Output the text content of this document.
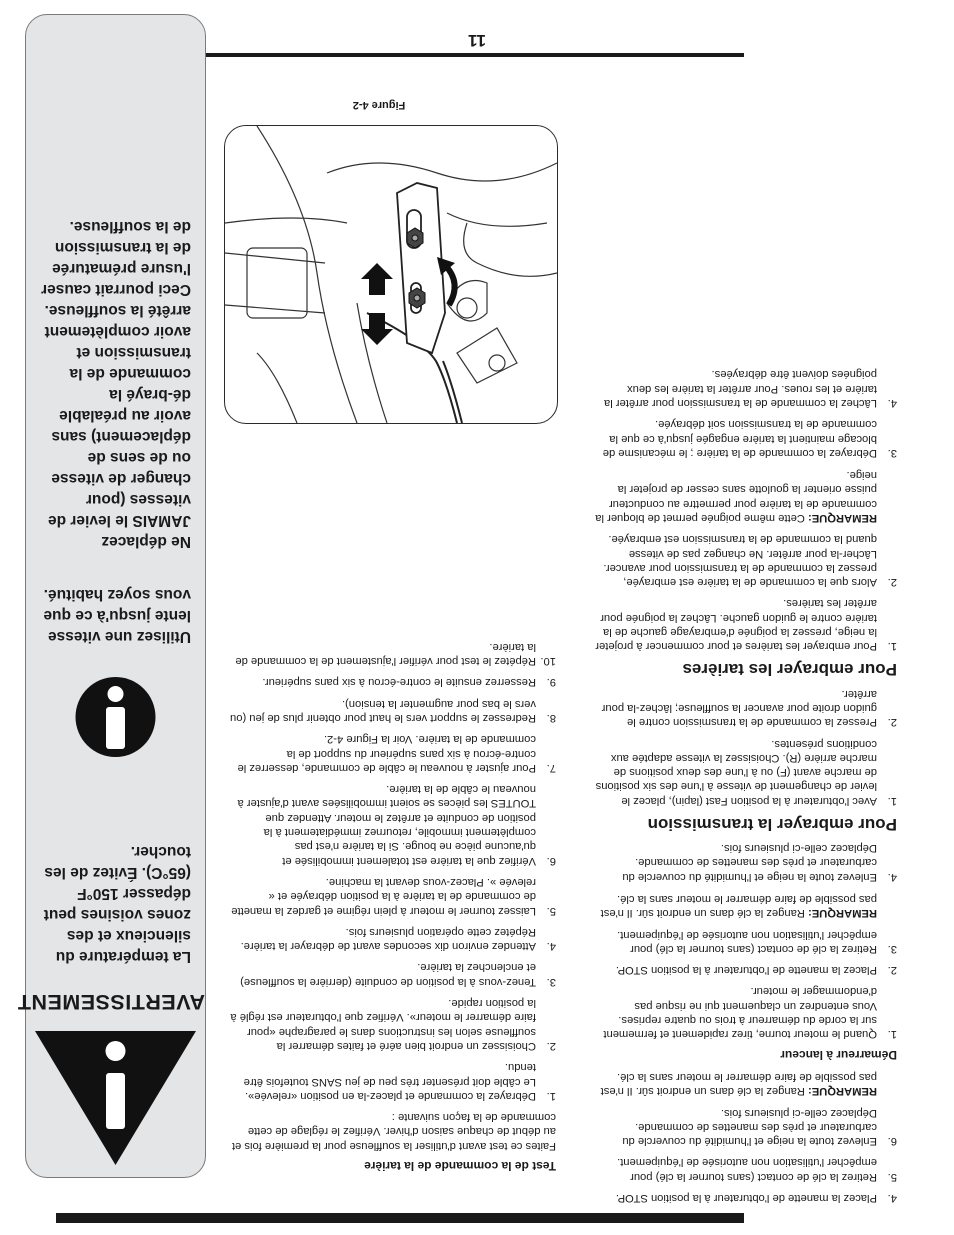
11
4.
Placez la manette de l'obturateur à la position STOP.
5.
Retirez la clé de contact (sans tourner la clé) pour empêcher l'utilisation non autorisée de l'équipement.
6.
Enlevez toute la neige et l'humidité du couvercle du carburateur et près des manettes de commande. Déplacez celle-ci plusieurs fois.
REMARQUE: Rangez la clé dans un endroit sûr. Il n'est pas possible de faire démarrer le moteur sans la clé.
Démarreur à lanceur
1.
Quand le moteur tourne, tirez rapidement et fermement sur la corde du démarreur à trois ou quatre reprises. Vous entendrez un claquement qui ne risque pas d'endommager le moteur.
2.
Placez la manette de l'obturateur à la position STOP.
3.
Retirez la clé de contact (sans tourner la clé) pour empêcher l'utilisation non autorisée de l'équipement.
REMARQUE: Rangez la clé dans un endroit sûr. Il n'est pas possible de faire démarrer le moteur sans la clé.
4.
Enlevez toute la neige et l'humidité du couvercle du carburateur et près des manettes de commande. Déplacez celle-ci plusieurs fois.
Pour embrayer la transmission
1.
Avec l'obturateur à la position Fast (lapin), placez le levier de changement de vitesse à l'une des six positions de marche avant (F) ou à l'une des deux positions de marche arrière (R). Choisissez la vitesse adaptée aux conditions présentes.
2.
Pressez la commande de la transmission contre le guidon droite pour avancer la souffleuse; lâchez-la pour arrêter.
Pour embrayer les tarières
1.
Pour embrayer les tarières et pour commencer à projeter la neige, pressez la poignée d'embrayage gauche de la tarière contre le guidon gauche. Lâchez la poignée pour arrêter les tarières.
2.
Alors que la commande de la tarière est embrayée, pressez la commande de la transmission pour avancer. Lâcher-la pour arrêter. Ne changez pas de vitesse quand la commande de la transmission est embrayée.
REMARQUE: Cette même poignée permet de bloquer la commande de la tarière pour permettre au conducteur puisse orienter la goulotte sans cesser de projeter la neige.
3.
Débrayez la commande de la tarière ; le mécanisme de blocage maintient la tarière engagée jusqu'à ce que la commande de la transmission soit débrayée.
4.
Lâchez la commande de la transmission pour arrêter la tarière et les roues. Pour arrêter la tarière les deux poignées doivent être débrayées.
Test de la commande de la tarière

Faites ce test avant d'utiliser la souffleuse pour la première fois et au début de chaque saison d'hiver. Vérifiez le réglage de cette commande de la façon suivante :

1.
Débrayez la commande et placez-la en position «relevée». Le câble doit présenter très peu de jeu SANS toutefois être tendu.
2.
Choisissez un endroit bien aéré et faites démarrer la souffleuse selon les instructions dans le paragraphe «pour faire démarrer le moteur». Vérifiez que l'obturateur est réglé à la position rapide.
3.
Tenez-vous à la position de conduite (derrière la souffleuse) et enclenchez la tarière.
4.
Attendez environ dix secondes avant de débrayer la tarière. Répétez cette opération plusieurs fois.
5.
Laissez tourner le moteur à plein régime et gardez la manette de commande de la tarière à la position débrayée et « relevée ». Placez-vous devant la machine.
6.
Vérifiez que la tarière est totalement immobilisée et qu'aucune pièce ne bouge. Si la tarière n'est pas complètement immobile, retournez immédiatement à la position de conduite et arrêtez le moteur. Attendez que TOUTES les pièces se soient immobilisées avant d'ajuster à nouveau le câble de la tarière.
7.
Pour ajuster à nouveau le câble de commande, desserrez le contre-écrou à six pans supérieur du support de la commande de la tarière. Voir la Figure 4-2.
8.
Redressez le support vers le haut pour obtenir plus de jeu (ou vers le bas pour augmenter la tension).
9.
Resserrez ensuite le contre-écrou à six pans supérieur.
10.
Répétez le test pour vérifier l'ajustement de la commande de la tarière.
Figure 4-2
AVERTISSEMENT

La température du silencieux et des zones voisines peut dépasser 150°F (65°C). Évitez de les toucher.

Utilisez une vitesse lente jusqu'à ce que vous soyez habitué.

Ne déplacez JAMAIS le levier de vitesses (pour changer de vitesse ou de sens de déplacement) sans avoir au préalable dé-brayé la commande de la transmission et avoir complètement arrêté la souffleuse. Ceci pourrait causer l'usure prématurée de la transmission de la souffleuse.
